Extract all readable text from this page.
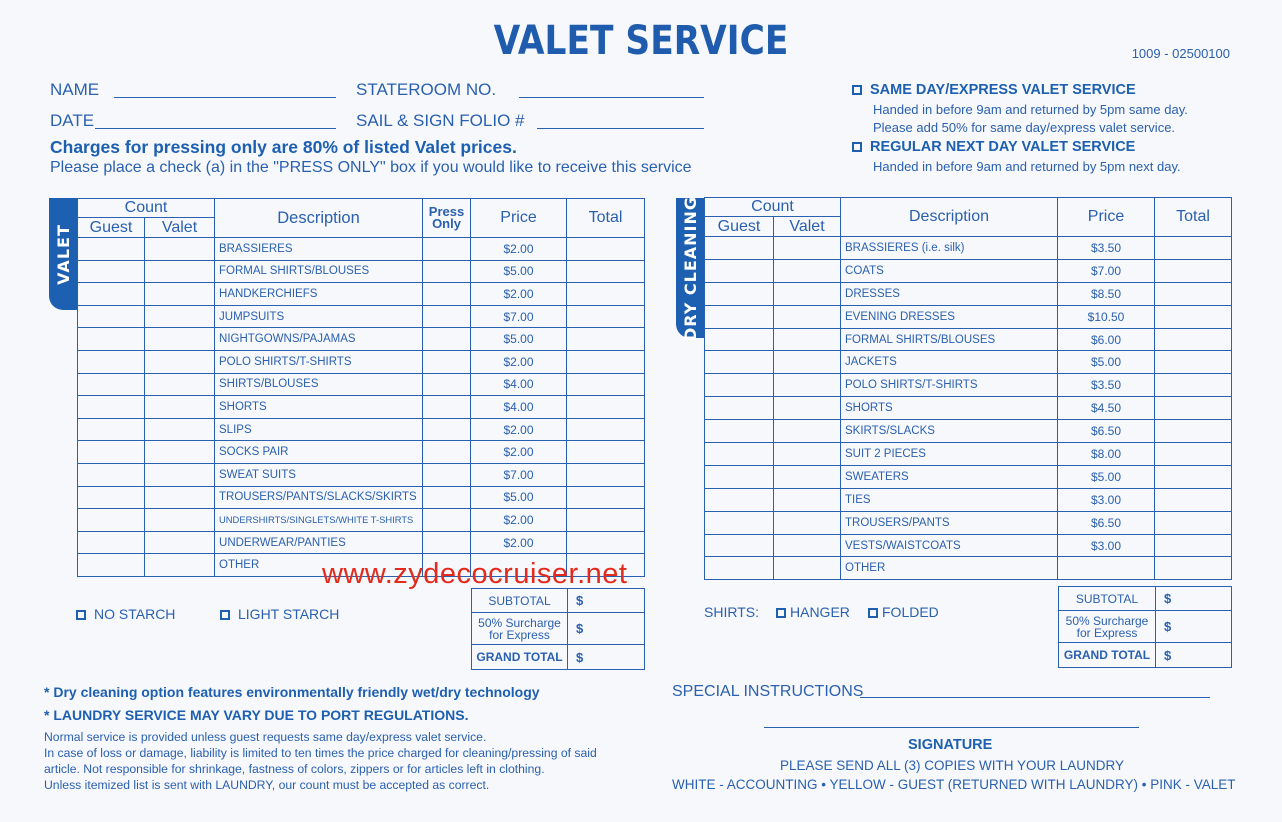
VALET SERVICE	1009 - 02500100
NAME	STATEROOM NO.
DATE	SAIL & SIGN FOLIO #
Charges for pressing only are 80% of listed Valet prices.
Please place a check (a) in the "PRESS ONLY" box if you would like to receive this service
SAME DAY/EXPRESS VALET SERVICE
Handed in before 9am and returned by 5pm same day.
Please add 50% for same day/express valet service.
REGULAR NEXT DAY VALET SERVICE
Handed in before 9am and returned by 5pm next day.
VALET
Count		Description	Press Only	Price	Total
Guest	Valet				
		BRASSIERES		$2.00	
		FORMAL SHIRTS/BLOUSES		$5.00	
		HANDKERCHIEFS		$2.00	
		JUMPSUITS		$7.00	
		NIGHTGOWNS/PAJAMAS		$5.00	
		POLO SHIRTS/T-SHIRTS		$2.00	
		SHIRTS/BLOUSES		$4.00	
		SHORTS		$4.00	
		SLIPS		$2.00	
		SOCKS PAIR		$2.00	
		SWEAT SUITS		$7.00	
		TROUSERS/PANTS/SLACKS/SKIRTS		$5.00	
		UNDERSHIRTS/SINGLETS/WHITE T-SHIRTS		$2.00	
		UNDERWEAR/PANTIES		$2.00	
		OTHER			
SUBTOTAL	$
50% Surcharge for Express	$
GRAND TOTAL	$
NO STARCH	LIGHT STARCH
DRY CLEANING	Count		Description	Price	Total
Guest	Valet			
		BRASSIERES (i.e. silk)	$3.50	
		COATS	$7.00	
		DRESSES	$8.50	
		EVENING DRESSES	$10.50	
		FORMAL SHIRTS/BLOUSES	$6.00	
		JACKETS	$5.00	
		POLO SHIRTS/T-SHIRTS	$3.50	
		SHORTS	$4.50	
		SKIRTS/SLACKS	$6.50	
		SUIT 2 PIECES	$8.00	
		SWEATERS	$5.00	
		TIES	$3.00	
		TROUSERS/PANTS	$6.50	
		VESTS/WAISTCOATS	$3.00	
		OTHER		
SUBTOTAL	$
50% Surcharge for Express	$
GRAND TOTAL	$
SHIRTS:	HANGER	FOLDED
www.zydecocruiser.net
* Dry cleaning option features environmentally friendly wet/dry technology
* LAUNDRY SERVICE MAY VARY DUE TO PORT REGULATIONS.
Normal service is provided unless guest requests same day/express valet service.
In case of loss or damage, liability is limited to ten times the price charged for cleaning/pressing of said
article. Not responsible for shrinkage, fastness of colors, zippers or for articles left in clothing.
Unless itemized list is sent with LAUNDRY, our count must be accepted as correct.
SPECIAL INSTRUCTIONS
SIGNATURE
PLEASE SEND ALL (3) COPIES WITH YOUR LAUNDRY
WHITE - ACCOUNTING • YELLOW - GUEST (RETURNED WITH LAUNDRY) • PINK - VALET
